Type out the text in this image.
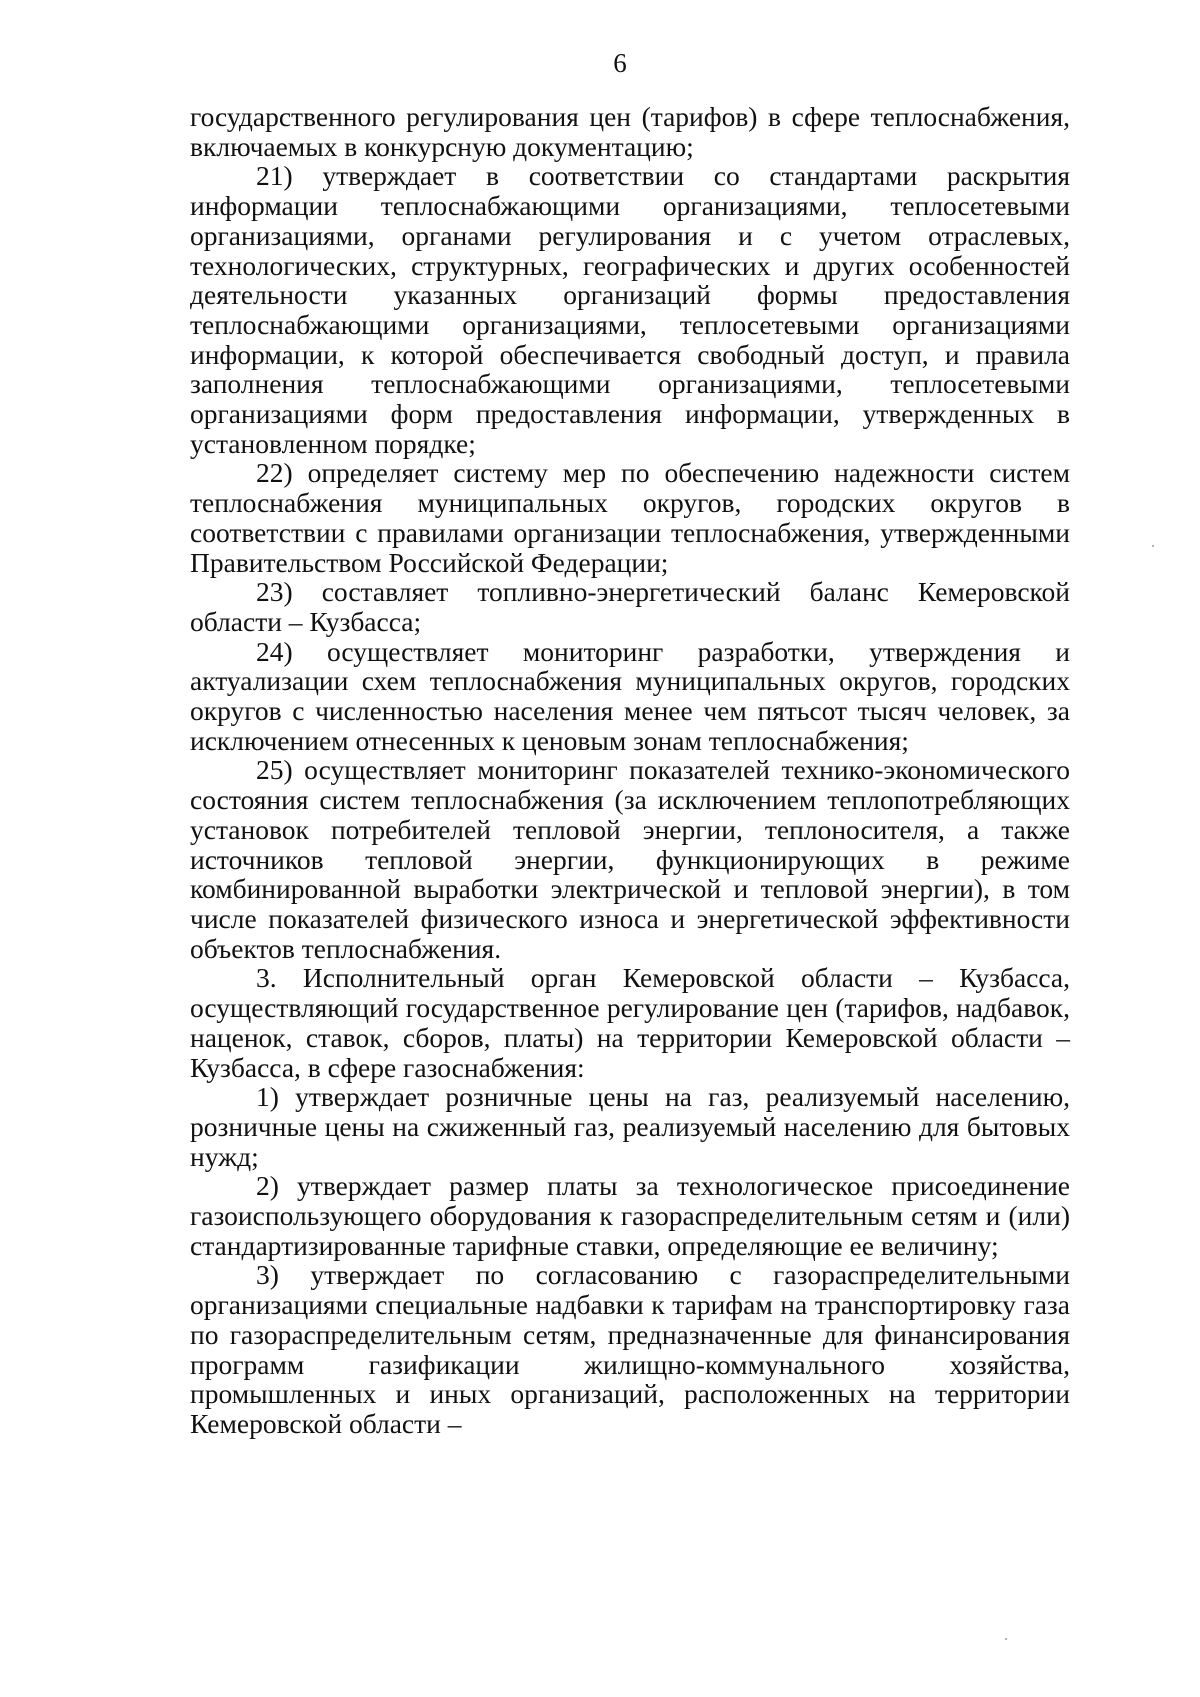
6

государственного регулирования цен (тарифов) в сфере теплоснабжения, включаемых в конкурсную документацию;

21) утверждает в соответствии со стандартами раскрытия информации теплоснабжающими организациями, теплосетевыми организациями, органами регулирования и с учетом отраслевых, технологических, структурных, географических и других особенностей деятельности указанных организаций формы предоставления теплоснабжающими организациями, теплосетевыми организациями информации, к которой обеспечивается свободный доступ, и правила заполнения теплоснабжающими организациями, теплосетевыми организациями форм предоставления информации, утвержденных в установленном порядке;

22) определяет систему мер по обеспечению надежности систем теплоснабжения муниципальных округов, городских округов в соответствии с правилами организации теплоснабжения, утвержденными Правительством Российской Федерации;

23) составляет топливно-энергетический баланс Кемеровской области – Кузбасса;

24) осуществляет мониторинг разработки, утверждения и актуализации схем теплоснабжения муниципальных округов, городских округов с численностью населения менее чем пятьсот тысяч человек, за исключением отнесенных к ценовым зонам теплоснабжения;

25) осуществляет мониторинг показателей технико-экономического состояния систем теплоснабжения (за исключением теплопотребляющих установок потребителей тепловой энергии, теплоносителя, а также источников тепловой энергии, функционирующих в режиме комбинированной выработки электрической и тепловой энергии), в том числе показателей физического износа и энергетической эффективности объектов теплоснабжения.

3. Исполнительный орган Кемеровской области – Кузбасса, осуществляющий государственное регулирование цен (тарифов, надбавок, наценок, ставок, сборов, платы) на территории Кемеровской области – Кузбасса, в сфере газоснабжения:

1) утверждает розничные цены на газ, реализуемый населению, розничные цены на сжиженный газ, реализуемый населению для бытовых нужд;

2) утверждает размер платы за технологическое присоединение газоиспользующего оборудования к газораспределительным сетям и (или) стандартизированные тарифные ставки, определяющие ее величину;

3) утверждает по согласованию с газораспределительными организациями специальные надбавки к тарифам на транспортировку газа по газораспределительным сетям, предназначенные для финансирования программ газификации жилищно-коммунального хозяйства, промышленных и иных организаций, расположенных на территории Кемеровской области –
